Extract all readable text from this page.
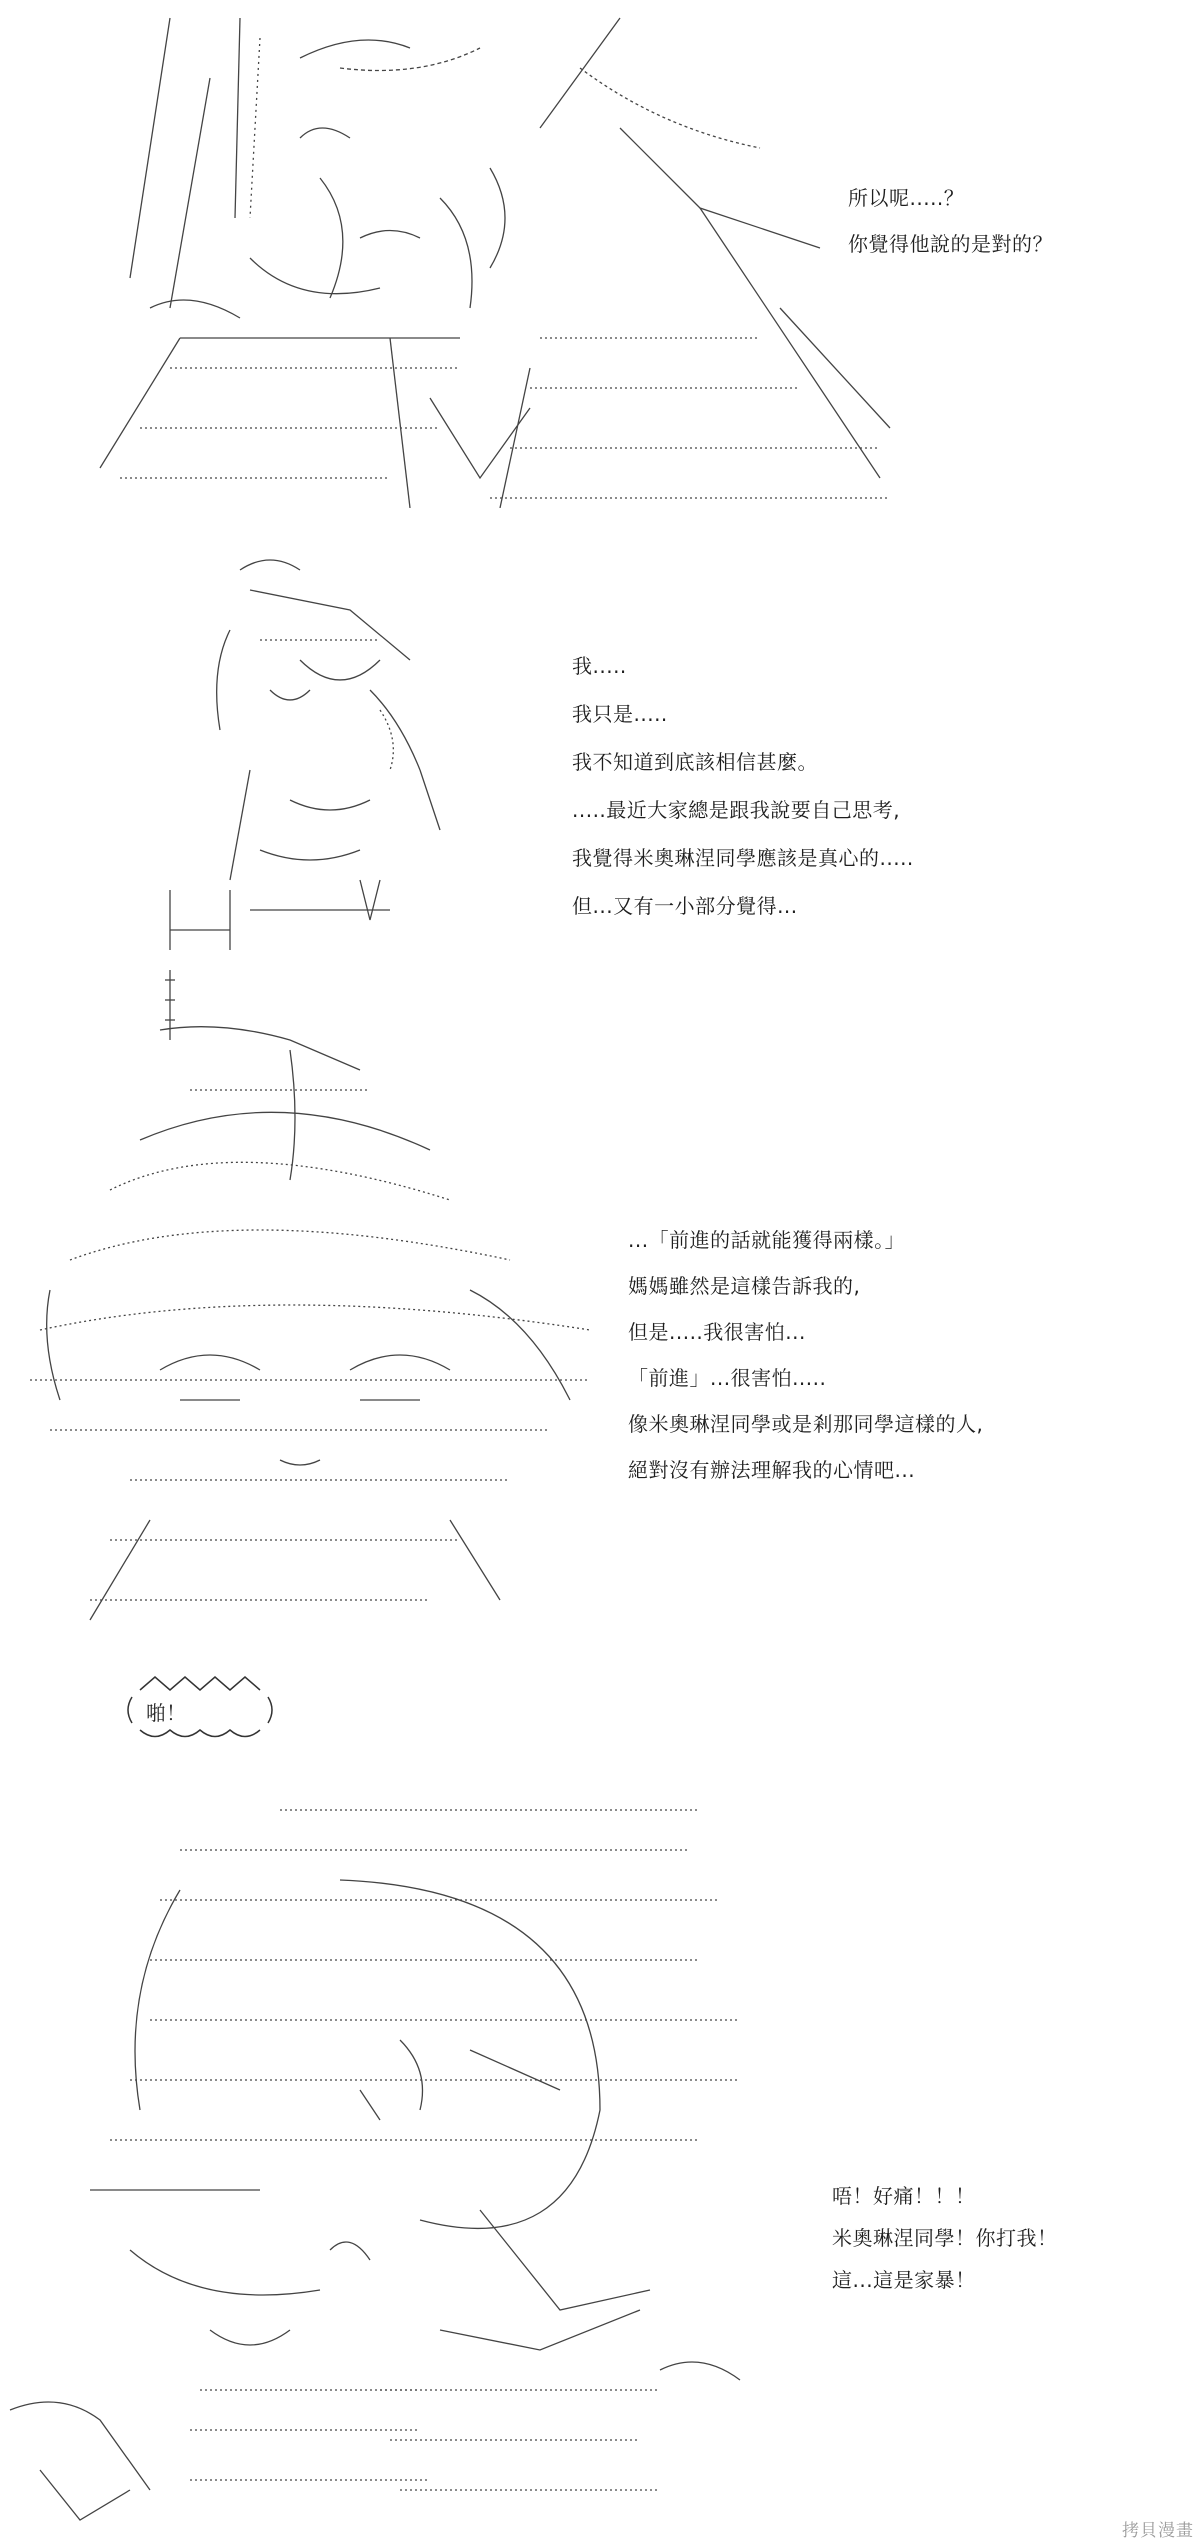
所以呢.....？
你覺得他說的是對的？
我.....
我只是.....
我不知道到底該相信甚麼。
.....最近大家總是跟我說要自己思考,
我覺得米奧琳涅同學應該是真心的.....
但...又有一小部分覺得...
...「前進的話就能獲得兩樣。」
媽媽雖然是這樣告訴我的,
但是.....我很害怕...
「前進」...很害怕.....
像米奧琳涅同學或是剎那同學這樣的人,
絕對沒有辦法理解我的心情吧...
啪！
唔！好痛！！！
米奧琳涅同學！你打我！
這...這是家暴！
拷貝漫畫
